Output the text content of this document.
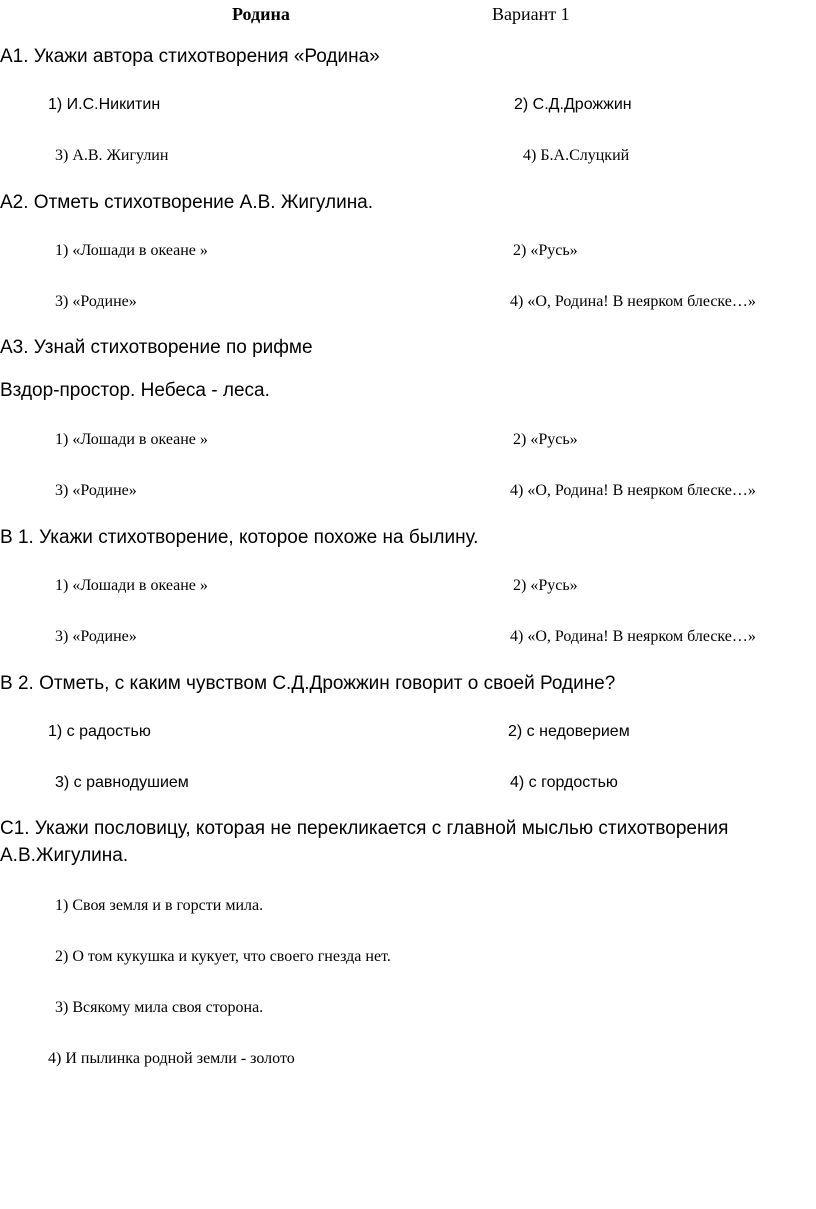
Родина	Вариант 1
А1. Укажи автора стихотворения «Родина»
1) И.С.Никитин	2) С.Д.Дрожжин
3) А.В. Жигулин	4) Б.А.Слуцкий
А2. Отметь стихотворение А.В. Жигулина.
1) «Лошади в океане »	2) «Русь»
3) «Родине»	4) «О, Родина! В неярком блеске…»
А3. Узнай стихотворение по рифме
Вздор-простор. Небеса - леса.
1) «Лошади в океане »	2) «Русь»
3) «Родине»	4) «О, Родина! В неярком блеске…»
В 1. Укажи стихотворение, которое похоже на былину.
1) «Лошади в океане »	2) «Русь»
3) «Родине»	4) «О, Родина! В неярком блеске…»
В 2. Отметь, с каким чувством С.Д.Дрожжин говорит о своей Родине?
1) с радостью	2) с недоверием
3) с равнодушием	4) с гордостью
С1. Укажи пословицу, которая не перекликается с главной мыслью стихотворения
А.В.Жигулина.
1) Своя земля и в горсти мила.
2) О том кукушка и кукует, что своего гнезда нет.
3) Всякому мила своя сторона.
4) И пылинка родной земли - золото
